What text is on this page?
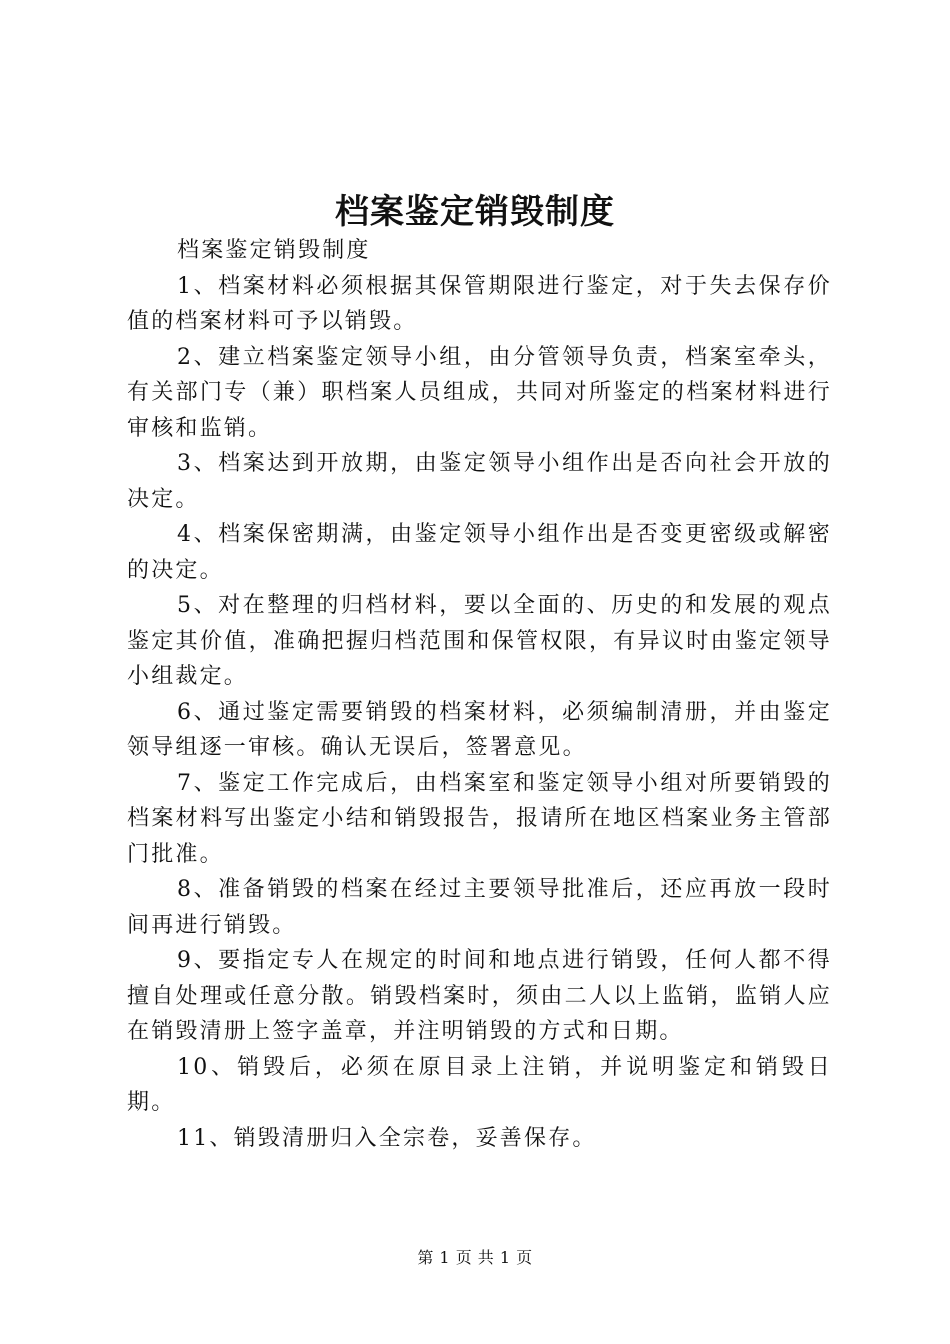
档案鉴定销毁制度

档案鉴定销毁制度

1、档案材料必须根据其保管期限进行鉴定，对于失去保存价值的档案材料可予以销毁。

2、建立档案鉴定领导小组，由分管领导负责，档案室牵头，有关部门专（兼）职档案人员组成，共同对所鉴定的档案材料进行审核和监销。

3、档案达到开放期，由鉴定领导小组作出是否向社会开放的决定。

4、档案保密期满，由鉴定领导小组作出是否变更密级或解密的决定。

5、对在整理的归档材料，要以全面的、历史的和发展的观点鉴定其价值，准确把握归档范围和保管权限，有异议时由鉴定领导小组裁定。

6、通过鉴定需要销毁的档案材料，必须编制清册，并由鉴定领导组逐一审核。确认无误后，签署意见。

7、鉴定工作完成后，由档案室和鉴定领导小组对所要销毁的档案材料写出鉴定小结和销毁报告，报请所在地区档案业务主管部门批准。

8、准备销毁的档案在经过主要领导批准后，还应再放一段时间再进行销毁。

9、要指定专人在规定的时间和地点进行销毁，任何人都不得擅自处理或任意分散。销毁档案时，须由二人以上监销，监销人应在销毁清册上签字盖章，并注明销毁的方式和日期。

10、销毁后，必须在原目录上注销，并说明鉴定和销毁日期。

11、销毁清册归入全宗卷，妥善保存。

第 1 页 共 1 页
